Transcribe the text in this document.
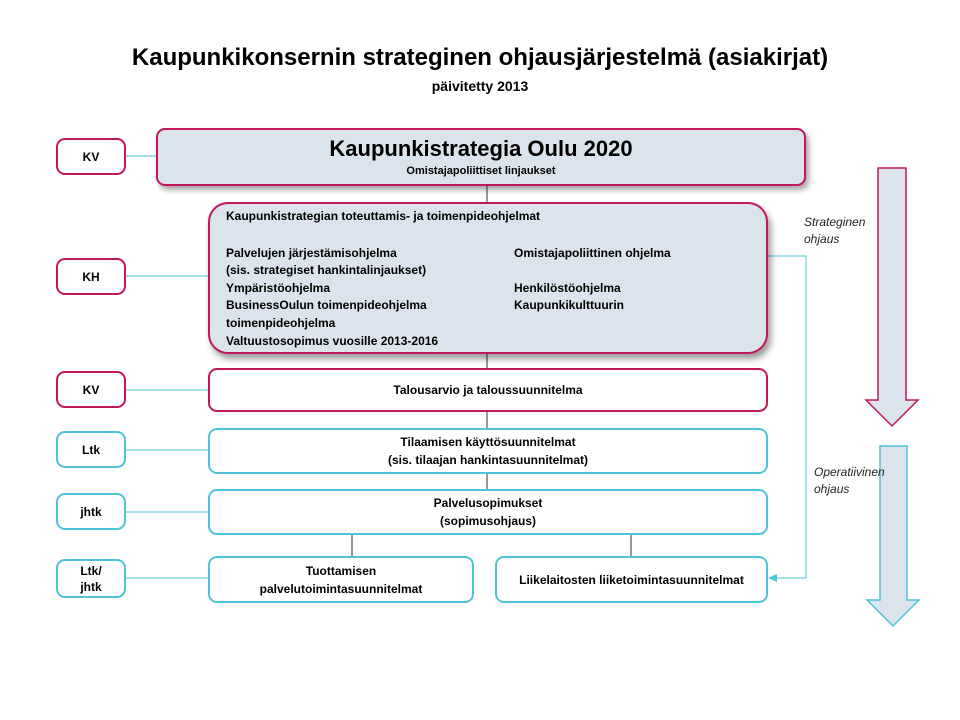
Kaupunkikonsernin strateginen ohjausjärjestelmä (asiakirjat)
päivitetty 2013
KV
KH
KV
Ltk
jhtk
Ltk/
jhtk
Kaupunkistrategia Oulu 2020
Omistajapoliittiset linjaukset
Kaupunkistrategian toteuttamis- ja toimenpideohjelmat
Palvelujen järjestämisohjelma
(sis. strategiset hankintalinjaukset)
Ympäristöohjelma
BusinessOulun toimenpideohjelma
toimenpideohjelma
Valtuustosopimus vuosille 2013-2016
Omistajapoliittinen ohjelma
Henkilöstöohjelma
Kaupunkikulttuurin
Talousarvio ja taloussuunnitelma
Tilaamisen käyttösuunnitelmat
(sis. tilaajan hankintasuunnitelmat)
Palvelusopimukset
(sopimusohjaus)
Tuottamisen
palvelutoimintasuunnitelmat
Liikelaitosten liiketoimintasuunnitelmat
Strateginen
ohjaus
Operatiivinen
ohjaus
